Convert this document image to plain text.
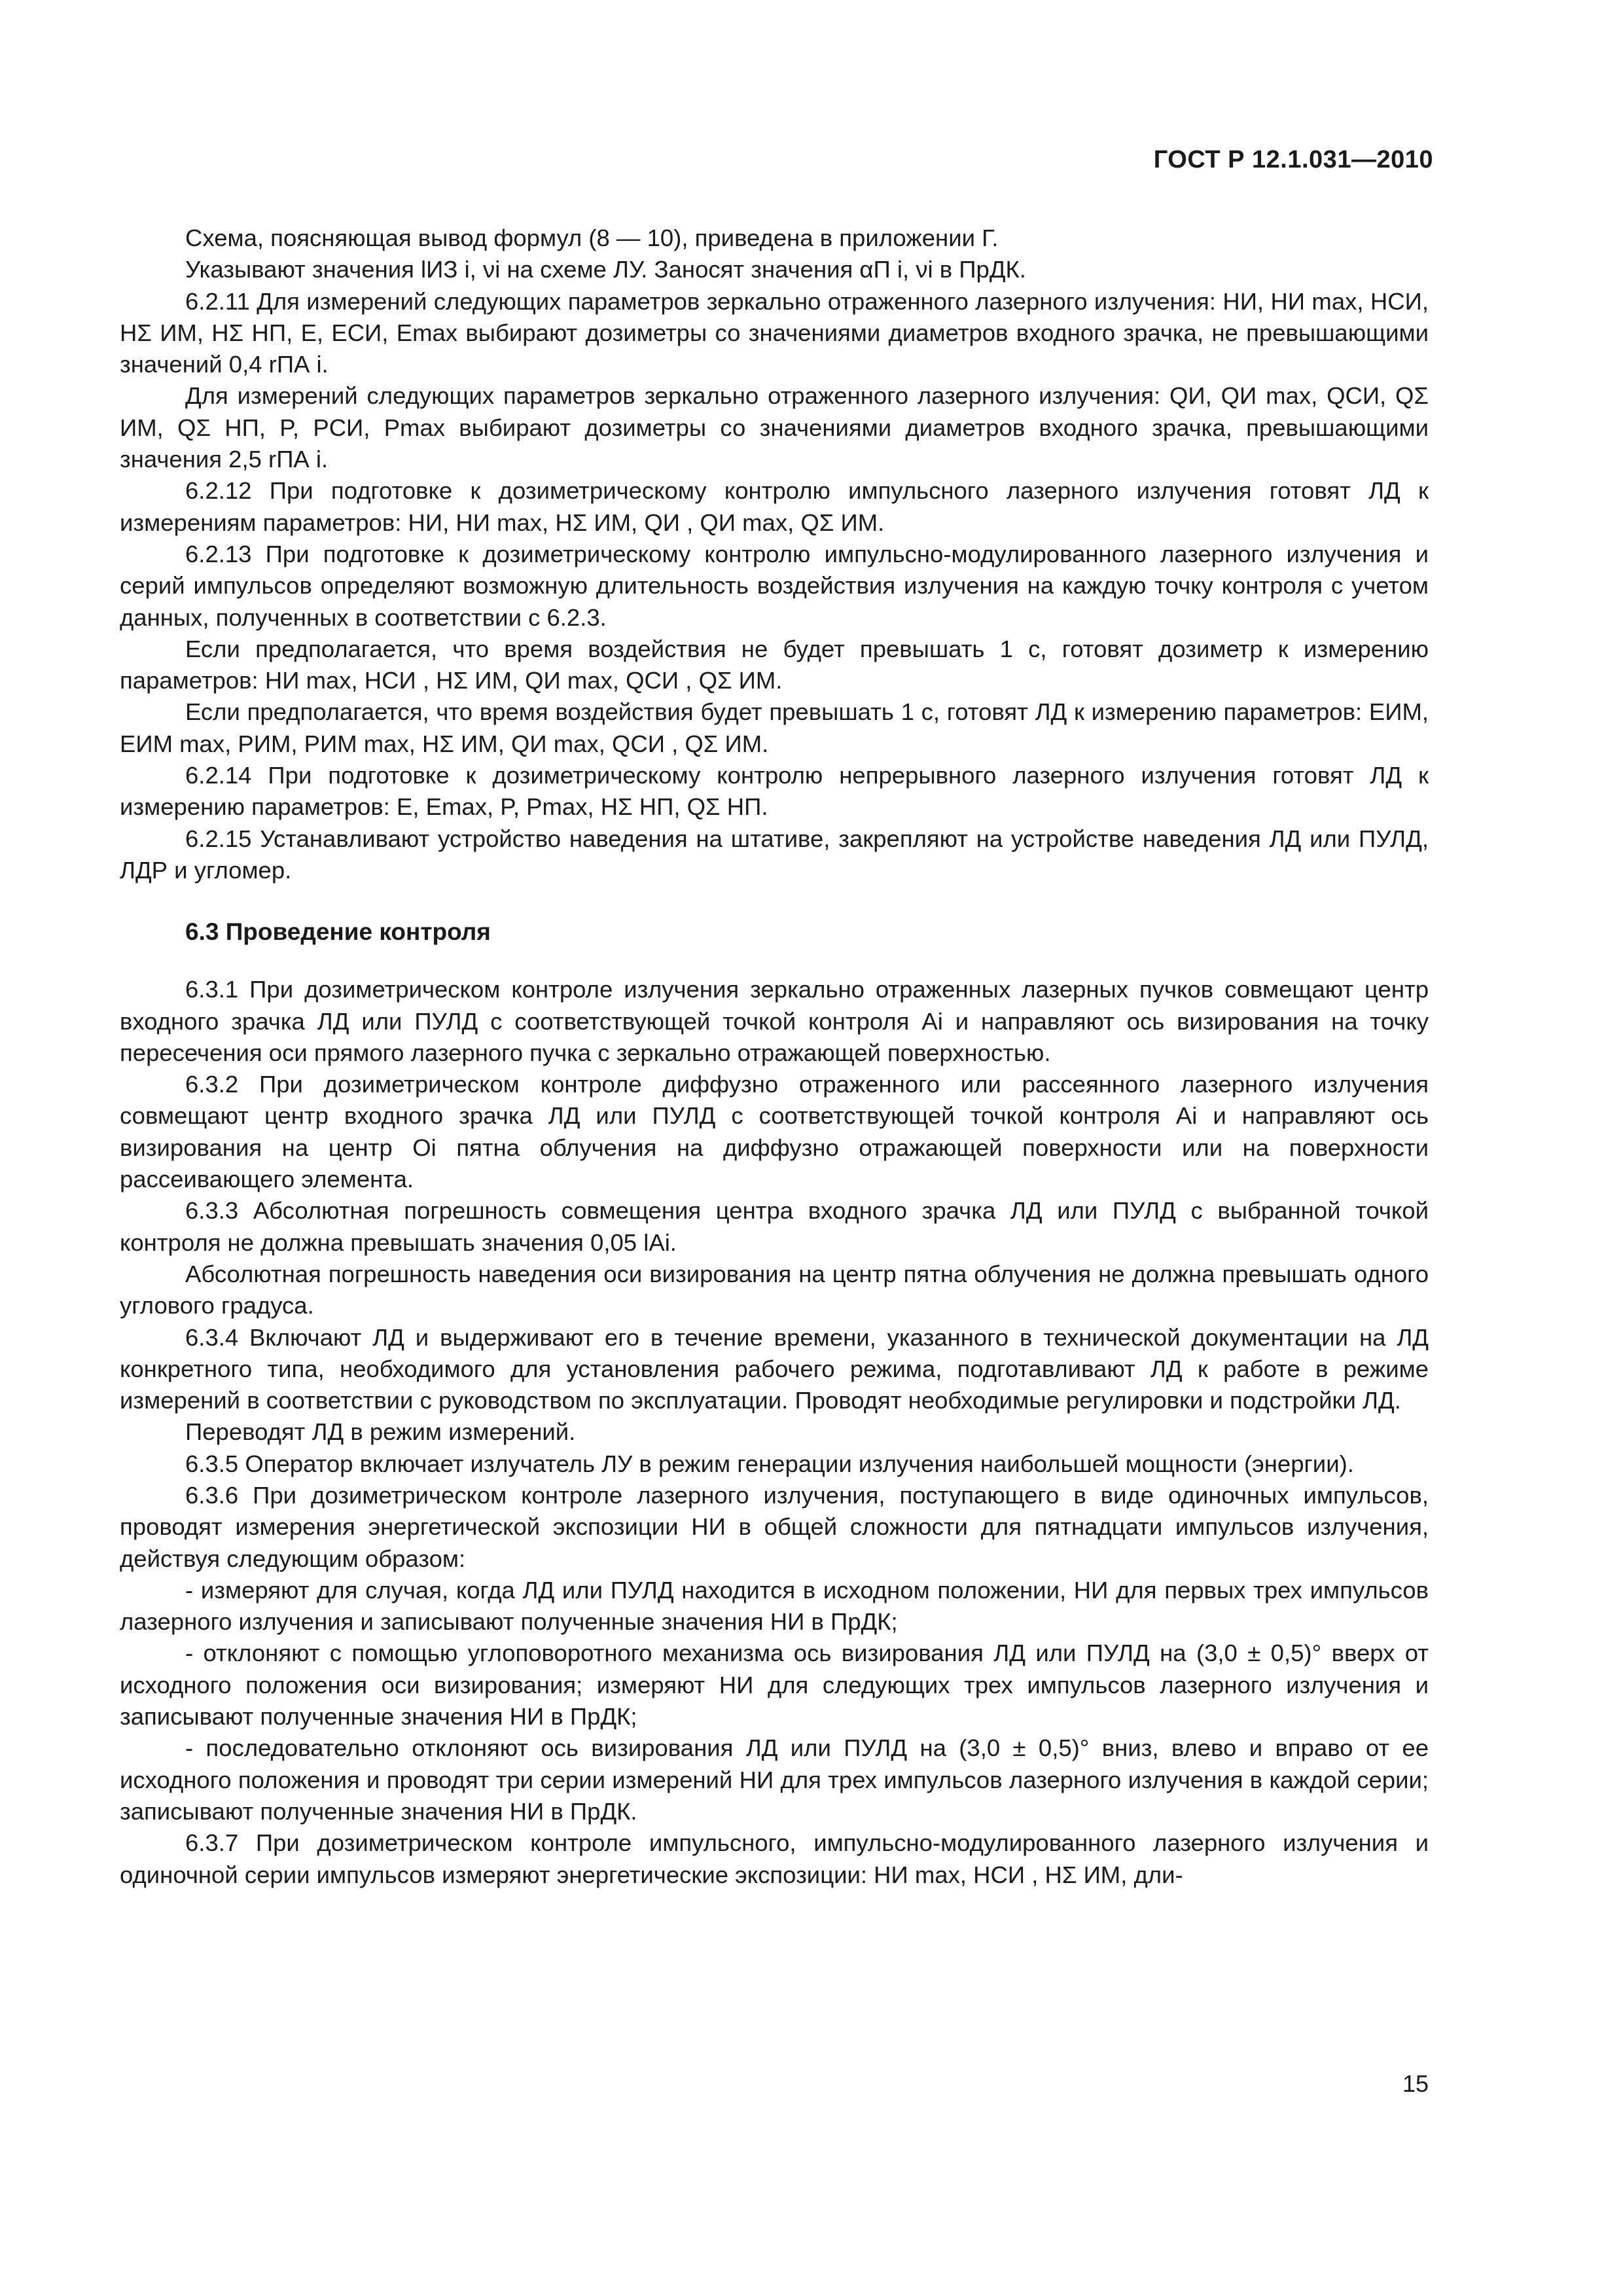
ГОСТ Р 12.1.031—2010

Схема, поясняющая вывод формул (8 — 10), приведена в приложении Г.

Указывают значения lИЗ i, νi на схеме ЛУ. Заносят значения αП i, νi в ПрДК.

6.2.11 Для измерений следующих параметров зеркально отраженного лазерного излучения: HИ, HИ max, HСИ, HΣ ИМ, HΣ НП, E, EСИ, Emax выбирают дозиметры со значениями диаметров входного зрачка, не превышающими значений 0,4 rПА i.

Для измерений следующих параметров зеркально отраженного лазерного излучения: QИ, QИ max, QСИ, QΣ ИМ, QΣ НП, P, PСИ, Pmax выбирают дозиметры со значениями диаметров входного зрачка, превышающими значения 2,5 rПА i.

6.2.12 При подготовке к дозиметрическому контролю импульсного лазерного излучения готовят ЛД к измерениям параметров: HИ, HИ max, HΣ ИМ, QИ , QИ max, QΣ ИМ.

6.2.13 При подготовке к дозиметрическому контролю импульсно-модулированного лазерного излучения и серий импульсов определяют возможную длительность воздействия излучения на каждую точку контроля с учетом данных, полученных в соответствии с 6.2.3.

Если предполагается, что время воздействия не будет превышать 1 с, готовят дозиметр к измерению параметров: HИ max, HСИ , HΣ ИМ, QИ max, QСИ , QΣ ИМ.

Если предполагается, что время воздействия будет превышать 1 с, готовят ЛД к измерению параметров: EИМ, EИМ max, PИМ, PИМ max, HΣ ИМ, QИ max, QСИ , QΣ ИМ.

6.2.14 При подготовке к дозиметрическому контролю непрерывного лазерного излучения готовят ЛД к измерению параметров: E, Emax, P, Pmax, HΣ НП, QΣ НП.

6.2.15 Устанавливают устройство наведения на штативе, закрепляют на устройстве наведения ЛД или ПУЛД, ЛДР и угломер.

6.3 Проведение контроля

6.3.1 При дозиметрическом контроле излучения зеркально отраженных лазерных пучков совмещают центр входного зрачка ЛД или ПУЛД с соответствующей точкой контроля Ai и направляют ось визирования на точку пересечения оси прямого лазерного пучка с зеркально отражающей поверхностью.

6.3.2 При дозиметрическом контроле диффузно отраженного или рассеянного лазерного излучения совмещают центр входного зрачка ЛД или ПУЛД с соответствующей точкой контроля Ai и направляют ось визирования на центр Oi пятна облучения на диффузно отражающей поверхности или на поверхности рассеивающего элемента.

6.3.3 Абсолютная погрешность совмещения центра входного зрачка ЛД или ПУЛД с выбранной точкой контроля не должна превышать значения 0,05 lAi.

Абсолютная погрешность наведения оси визирования на центр пятна облучения не должна превышать одного углового градуса.

6.3.4 Включают ЛД и выдерживают его в течение времени, указанного в технической документации на ЛД конкретного типа, необходимого для установления рабочего режима, подготавливают ЛД к работе в режиме измерений в соответствии с руководством по эксплуатации. Проводят необходимые регулировки и подстройки ЛД.

Переводят ЛД в режим измерений.

6.3.5 Оператор включает излучатель ЛУ в режим генерации излучения наибольшей мощности (энергии).

6.3.6 При дозиметрическом контроле лазерного излучения, поступающего в виде одиночных импульсов, проводят измерения энергетической экспозиции HИ в общей сложности для пятнадцати импульсов излучения, действуя следующим образом:

- измеряют для случая, когда ЛД или ПУЛД находится в исходном положении, HИ для первых трех импульсов лазерного излучения и записывают полученные значения HИ в ПрДК;

- отклоняют с помощью углоповоротного механизма ось визирования ЛД или ПУЛД на (3,0 ± 0,5)° вверх от исходного положения оси визирования; измеряют HИ для следующих трех импульсов лазерного излучения и записывают полученные значения HИ в ПрДК;

- последовательно отклоняют ось визирования ЛД или ПУЛД на (3,0 ± 0,5)° вниз, влево и вправо от ее исходного положения и проводят три серии измерений HИ для трех импульсов лазерного излучения в каждой серии; записывают полученные значения HИ в ПрДК.

6.3.7 При дозиметрическом контроле импульсного, импульсно-модулированного лазерного излучения и одиночной серии импульсов измеряют энергетические экспозиции: HИ max, HСИ , HΣ ИМ, дли-

15
